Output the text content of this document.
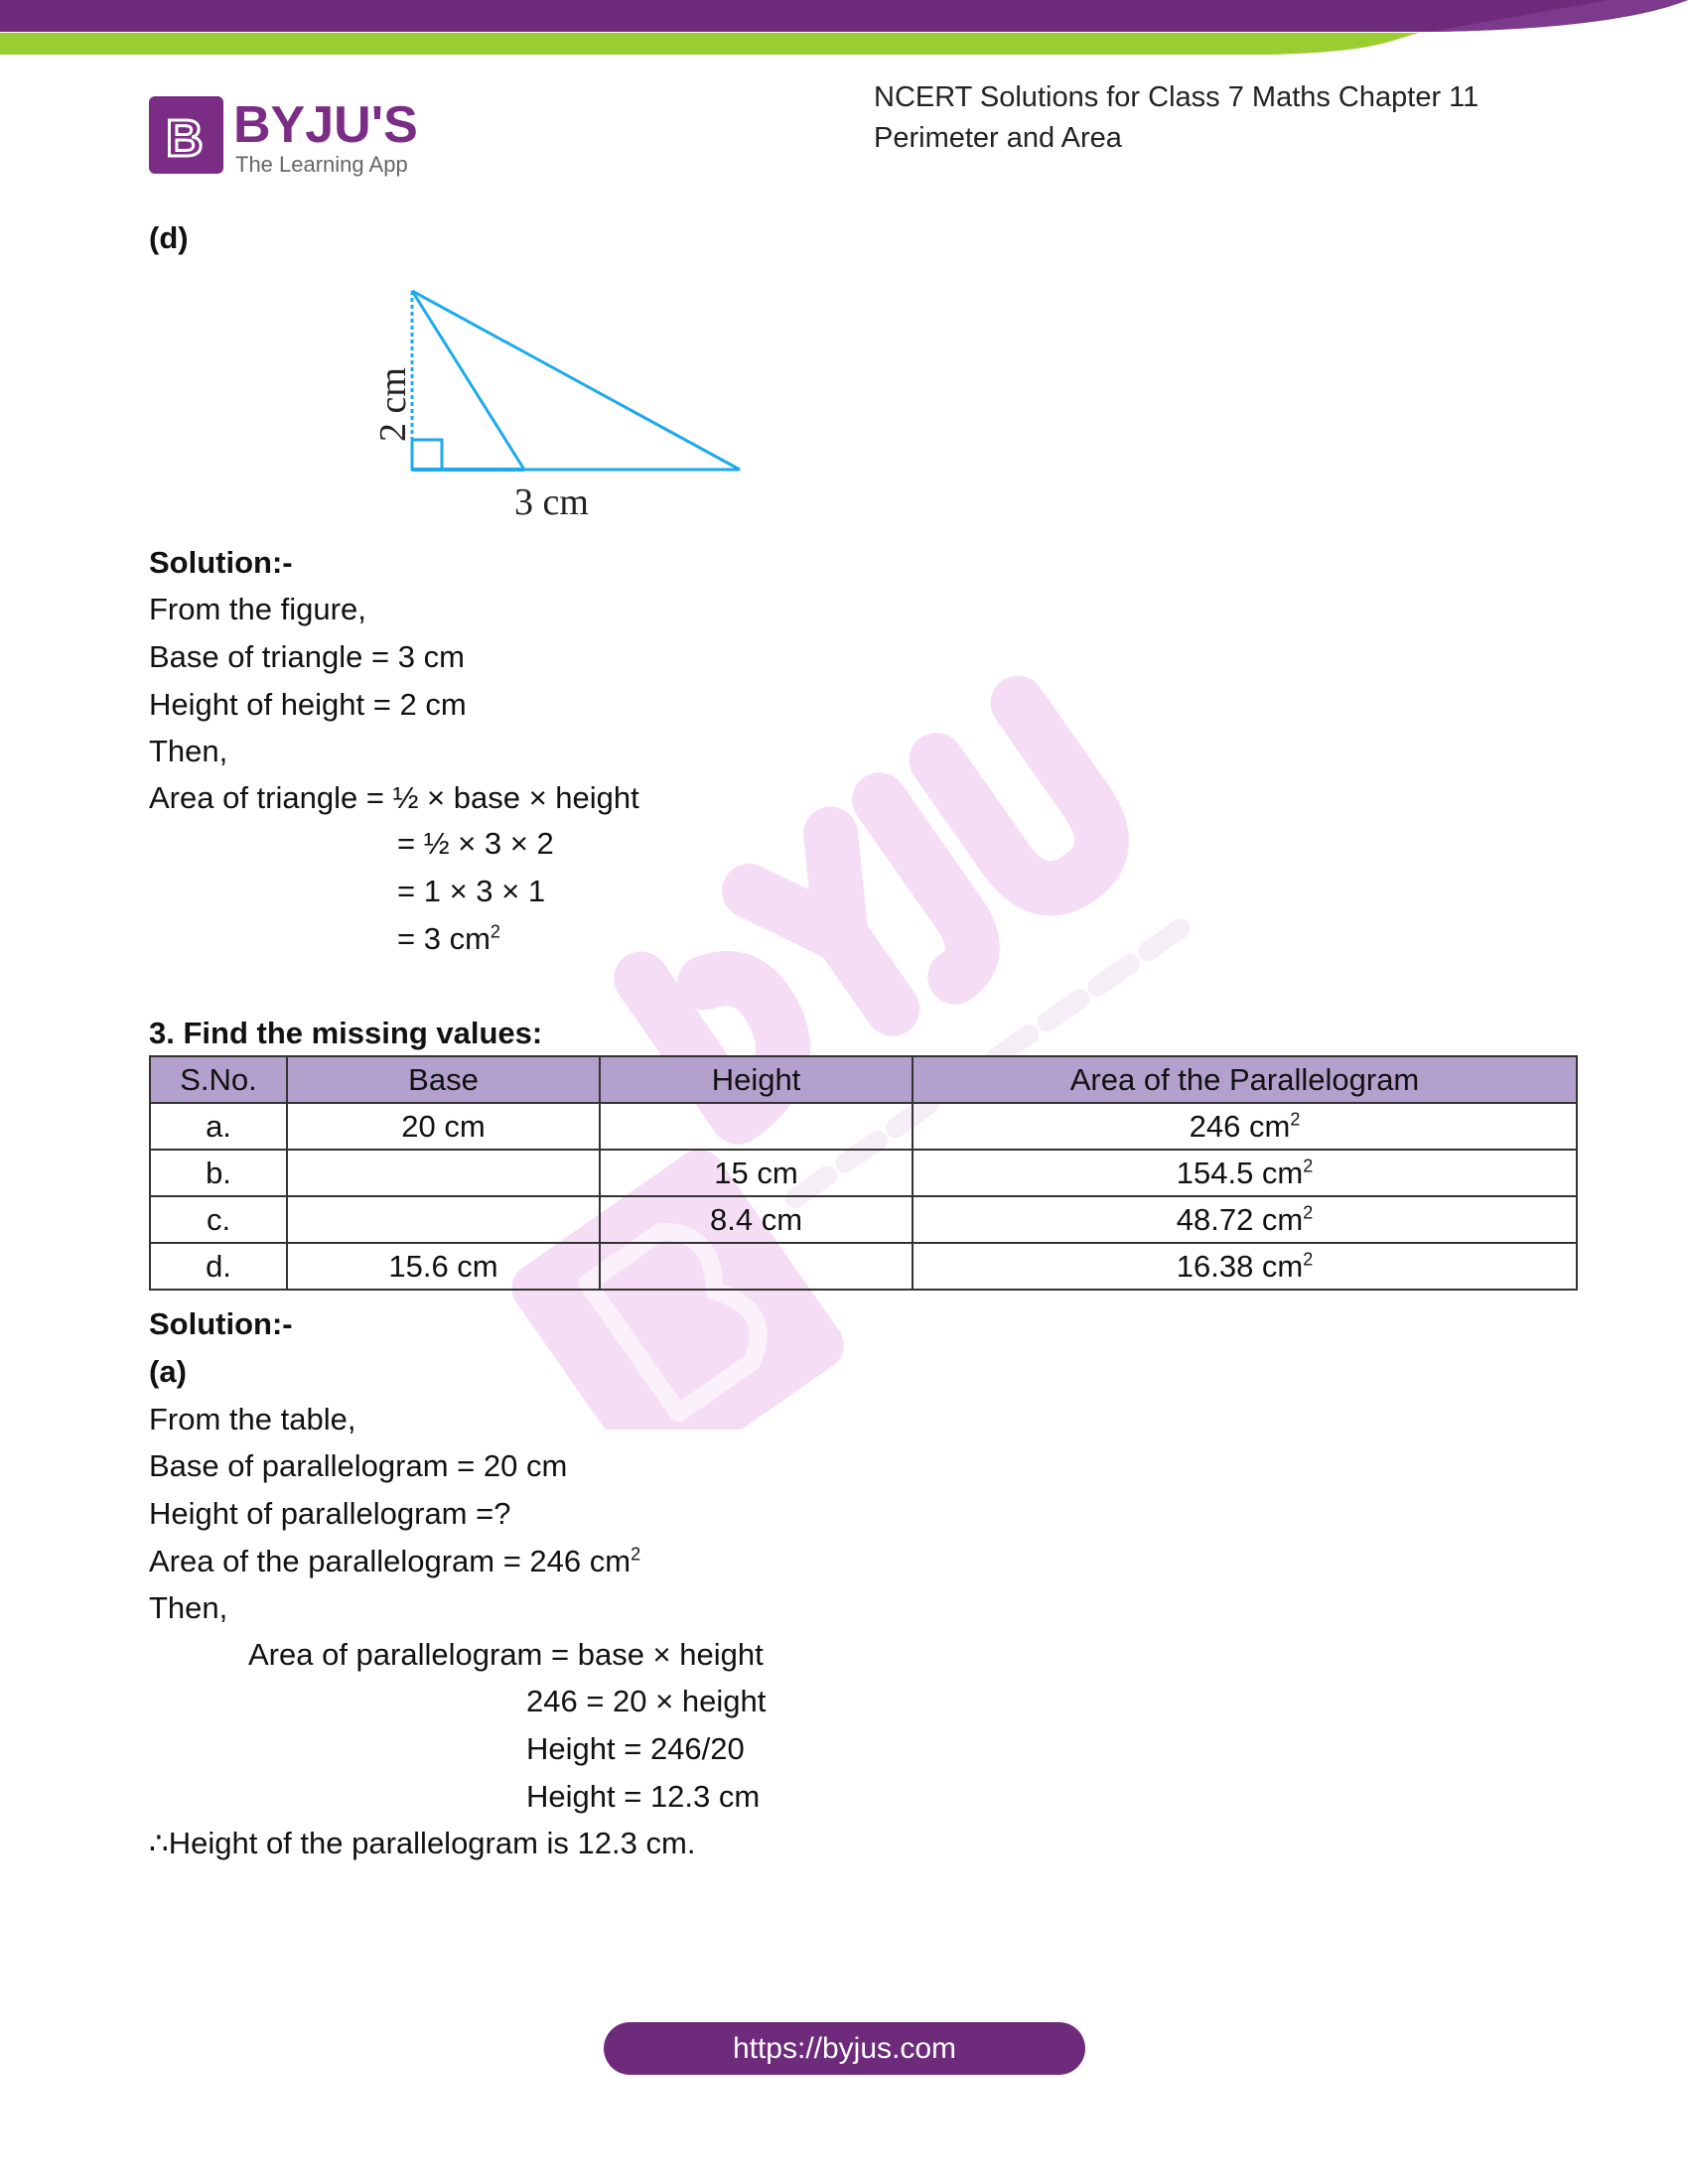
B BYJU'S
The Learning App
NCERT Solutions for Class 7 Maths Chapter 11
Perimeter and Area
(d)
2 cm
3 cm
Solution:-
From the figure,
Base of triangle = 3 cm
Height of height = 2 cm
Then,
Area of triangle = ½ × base × height
= ½ × 3 × 2
= 1 × 3 × 1
= 3 $cm^2$
3. Find the missing values:
S.No.	Base	Height	Area of the Parallelogram
a.	20 cm		246 $cm^2$
b.		15 cm	154.5 $cm^2$
c.		8.4 cm	48.72 $cm^2$
d.	15.6 cm		16.38 $cm^2$
Solution:-
(a)
From the table,
Base of parallelogram = 20 cm
Height of parallelogram =?
Area of the parallelogram = 246 $cm^2$
Then,
Area of parallelogram = base × height
246 = 20 × height
Height = 246/20
Height = 12.3 cm
∴Height of the parallelogram is 12.3 cm.
https://byjus.com
